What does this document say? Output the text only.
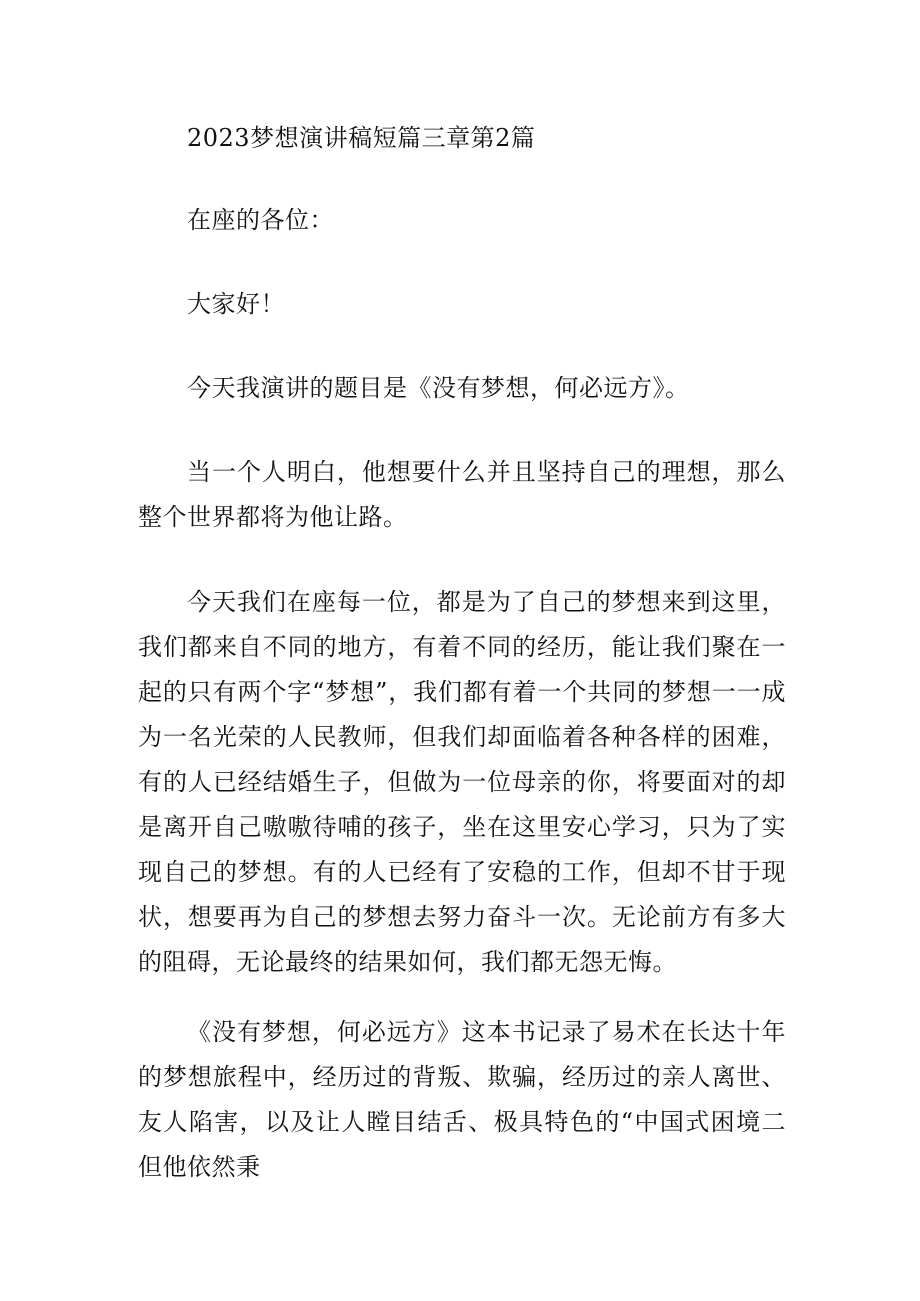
2023梦想演讲稿短篇三章第2篇

在座的各位：

大家好！

今天我演讲的题目是《没有梦想，何必远方》。

当一个人明白，他想要什么并且坚持自己的理想，那么整个世界都将为他让路。

今天我们在座每一位，都是为了自己的梦想来到这里，我们都来自不同的地方，有着不同的经历，能让我们聚在一起的只有两个字“梦想”，我们都有着一个共同的梦想一一成为一名光荣的人民教师，但我们却面临着各种各样的困难，有的人已经结婚生子，但做为一位母亲的你，将要面对的却是离开自己嗷嗷待哺的孩子，坐在这里安心学习，只为了实现自己的梦想。有的人已经有了安稳的工作，但却不甘于现状，想要再为自己的梦想去努力奋斗一次。无论前方有多大的阻碍，无论最终的结果如何，我们都无怨无悔。

《没有梦想，何必远方》这本书记录了易术在长达十年的梦想旅程中，经历过的背叛、欺骗，经历过的亲人离世、友人陷害，以及让人瞠目结舌、极具特色的“中国式困境二但他依然秉
